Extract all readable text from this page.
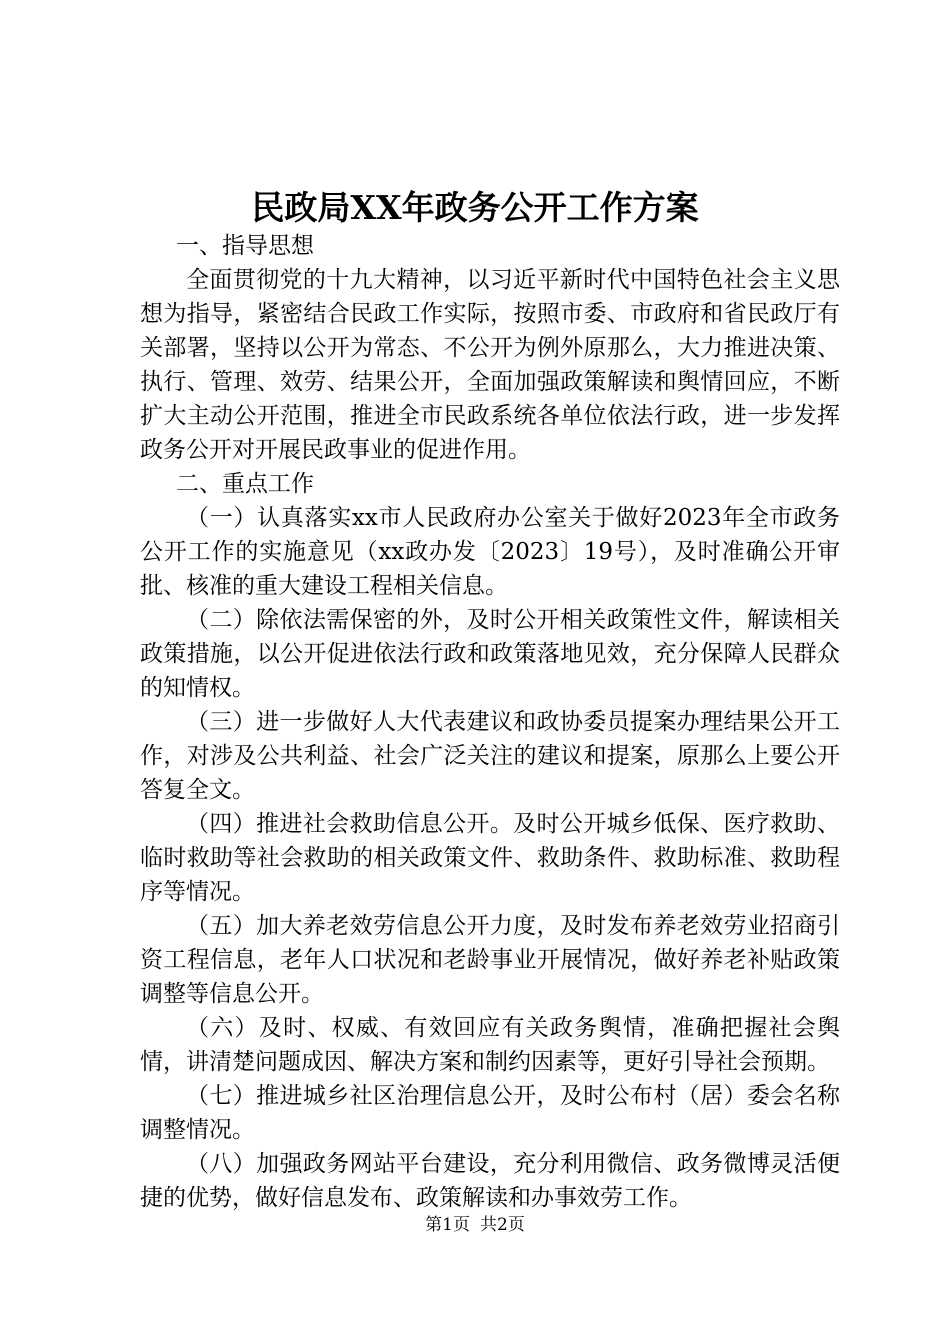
民政局XX年政务公开工作方案

一、指导思想

全面贯彻党的十九大精神，以习近平新时代中国特色社会主义思想为指导，紧密结合民政工作实际，按照市委、市政府和省民政厅有关部署，坚持以公开为常态、不公开为例外原那么，大力推进决策、执行、管理、效劳、结果公开，全面加强政策解读和舆情回应，不断扩大主动公开范围，推进全市民政系统各单位依法行政，进一步发挥政务公开对开展民政事业的促进作用。

二、重点工作

（一）认真落实xx市人民政府办公室关于做好2023年全市政务公开工作的实施意见（xx政办发〔2023〕19号），及时准确公开审批、核准的重大建设工程相关信息。

（二）除依法需保密的外，及时公开相关政策性文件，解读相关政策措施，以公开促进依法行政和政策落地见效，充分保障人民群众的知情权。

（三）进一步做好人大代表建议和政协委员提案办理结果公开工作，对涉及公共利益、社会广泛关注的建议和提案，原那么上要公开答复全文。

（四）推进社会救助信息公开。及时公开城乡低保、医疗救助、临时救助等社会救助的相关政策文件、救助条件、救助标准、救助程序等情况。

（五）加大养老效劳信息公开力度，及时发布养老效劳业招商引资工程信息，老年人口状况和老龄事业开展情况，做好养老补贴政策调整等信息公开。

（六）及时、权威、有效回应有关政务舆情，准确把握社会舆情，讲清楚问题成因、解决方案和制约因素等，更好引导社会预期。

（七）推进城乡社区治理信息公开，及时公布村（居）委会名称调整情况。

（八）加强政务网站平台建设，充分利用微信、政务微博灵活便捷的优势，做好信息发布、政策解读和办事效劳工作。

第1页 共2页
